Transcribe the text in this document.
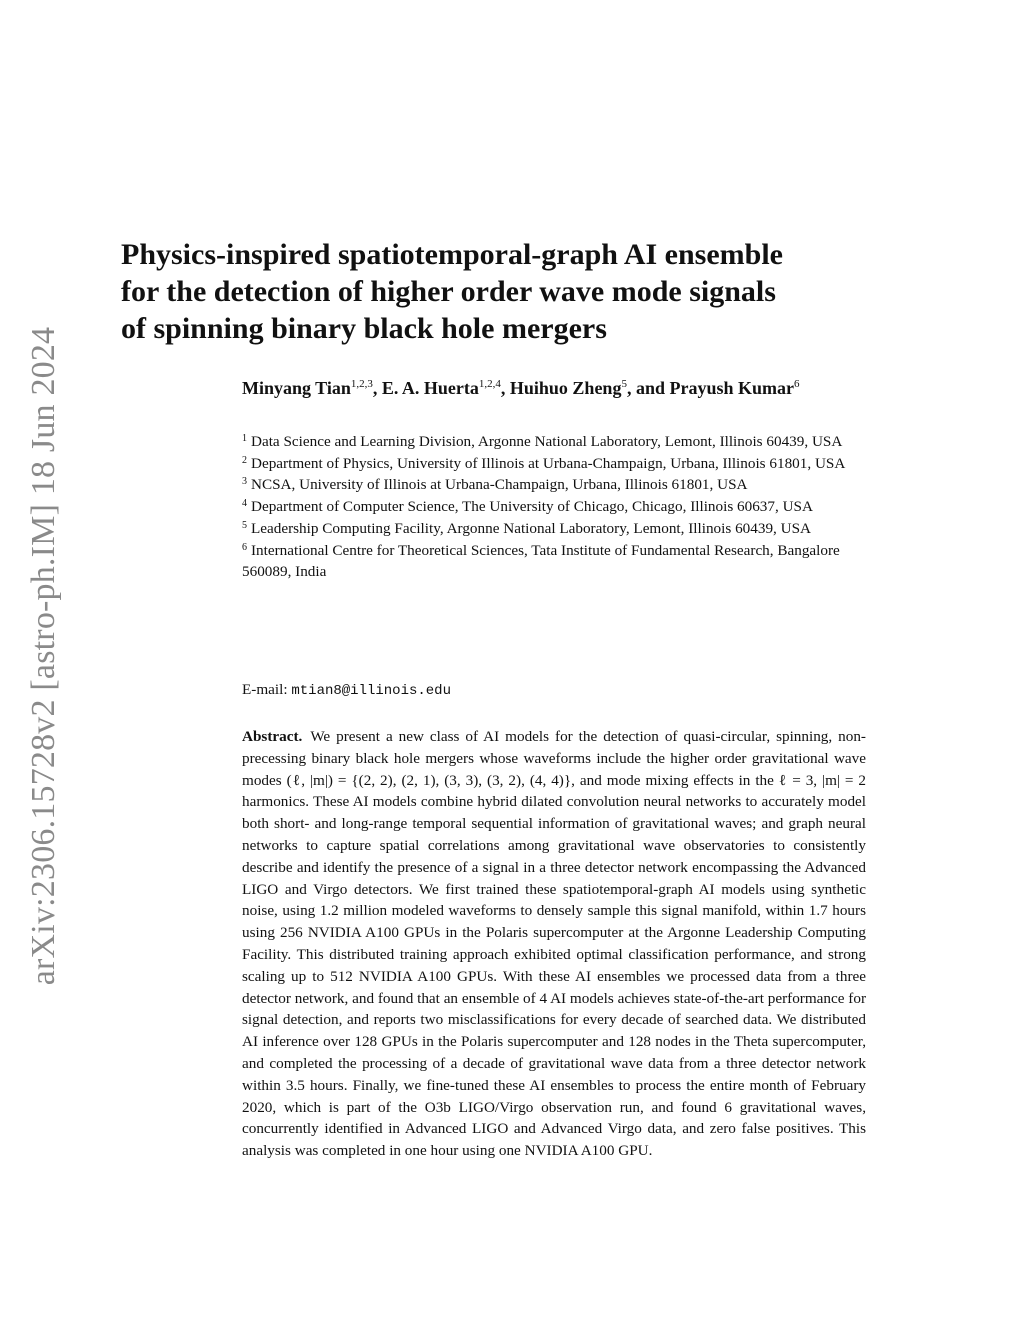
arXiv:2306.15728v2 [astro-ph.IM] 18 Jun 2024
Physics-inspired spatiotemporal-graph AI ensemble
for the detection of higher order wave mode signals
of spinning binary black hole mergers
Minyang Tian$^{1,2,3}$, E. A. Huerta$^{1,2,4}$, Huihuo Zheng$^5$, and Prayush Kumar$^6$

$^1$ Data Science and Learning Division, Argonne National Laboratory, Lemont, Illinois 60439, USA

$^2$ Department of Physics, University of Illinois at Urbana-Champaign, Urbana, Illinois 61801, USA

$^3$ NCSA, University of Illinois at Urbana-Champaign, Urbana, Illinois 61801, USA

$^4$ Department of Computer Science, The University of Chicago, Chicago, Illinois 60637, USA

$^5$ Leadership Computing Facility, Argonne National Laboratory, Lemont, Illinois 60439, USA

$^6$ International Centre for Theoretical Sciences, Tata Institute of Fundamental Research, Bangalore 560089, India

E-mail: mtian8@illinois.edu

Abstract. We present a new class of AI models for the detection of quasi-circular, spinning, non-precessing binary black hole mergers whose waveforms include the higher order gravitational wave modes (ℓ, |m|) = {(2, 2), (2, 1), (3, 3), (3, 2), (4, 4)}, and mode mixing effects in the ℓ = 3, |m| = 2 harmonics. These AI models combine hybrid dilated convolution neural networks to accurately model both short- and long-range temporal sequential information of gravitational waves; and graph neural networks to capture spatial correlations among gravitational wave observatories to consistently describe and identify the presence of a signal in a three detector network encompassing the Advanced LIGO and Virgo detectors. We first trained these spatiotemporal-graph AI models using synthetic noise, using 1.2 million modeled waveforms to densely sample this signal manifold, within 1.7 hours using 256 NVIDIA A100 GPUs in the Polaris supercomputer at the Argonne Leadership Computing Facility. This distributed training approach exhibited optimal classification performance, and strong scaling up to 512 NVIDIA A100 GPUs. With these AI ensembles we processed data from a three detector network, and found that an ensemble of 4 AI models achieves state-of-the-art performance for signal detection, and reports two misclassifications for every decade of searched data. We distributed AI inference over 128 GPUs in the Polaris supercomputer and 128 nodes in the Theta supercomputer, and completed the processing of a decade of gravitational wave data from a three detector network within 3.5 hours. Finally, we fine-tuned these AI ensembles to process the entire month of February 2020, which is part of the O3b LIGO/Virgo observation run, and found 6 gravitational waves, concurrently identified in Advanced LIGO and Advanced Virgo data, and zero false positives. This analysis was completed in one hour using one NVIDIA A100 GPU.
